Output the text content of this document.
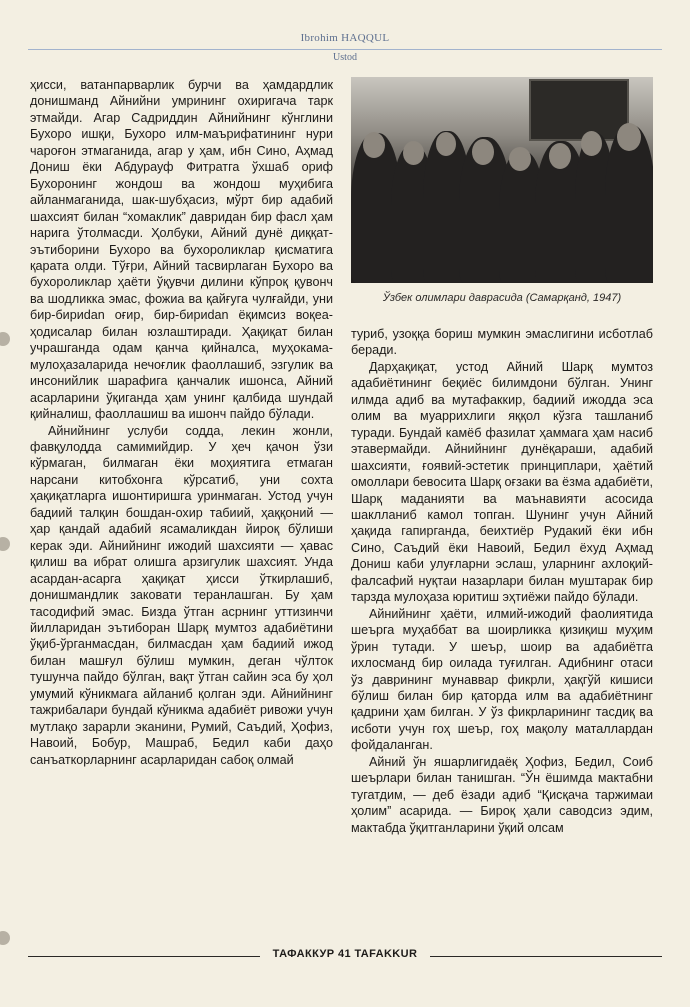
Ibrohim HAQQUL
Ustod

ҳисси, ватанпарварлик бурчи ва ҳамдардлик донишманд Айнийни умрининг охиригача тарк этмайди. Агар Садриддин Айнийнинг кўнглини Бухоро ишқи, Бухоро илм-маърифатининг нури чароғон этмаганида, агар у ҳам, ибн Сино, Аҳмад Дониш ёки Абдурауф Фитратга ўхшаб ориф Бухоронинг жондош ва жондош муҳибига айланмаганида, шак-шубҳасиз, мўрт бир адабий шахсият билан “хомаклик” давридан бир фасл ҳам нарига ўтолмасди. Ҳолбуки, Айний дунё диққат-эътиборини Бухоро ва бухороликлар қисматига қарата олди. Тўғри, Айний тасвирлаган Бухоро ва бухороликлар ҳаёти ўқувчи дилини кўпроқ қувонч ва шодликка эмас, фожиа ва қайғуга чулғайди, уни бир-бириdan оғир, бир-бириdan ёқимсиз воқеа-ҳодисалар билан юзлаштиради. Ҳақиқат билан учрашганда одам қанча қийналса, муҳокама-мулоҳазаларида нечоғлик фаоллашиб, эзгулик ва инсонийлик шарафига қанчалик ишонса, Айний асарларини ўқиганда ҳам унинг қалбида шундай қийналиш, фаоллашиш ва ишонч пайдо бўлади.

Айнийнинг услуби содда, лекин жонли, фавқулодда самимийдир. У ҳеч қачон ўзи кўрмаган, билмаган ёки моҳиятига етмаган нарсани китобхонга кўрсатиб, уни сохта ҳақиқатларга ишонтиришга уринмаган. Устод учун бадиий талқин бошдан-охир табиий, ҳаққоний — ҳар қандай адабий ясамаликдан йироқ бўлиши керак эди. Айнийнинг ижодий шахсияти — ҳавас қилиш ва ибрат олишга арзигулик шахсият. Унда асардан-асарга ҳақиқат ҳисси ўткирлашиб, донишмандлик заковати теранлашган. Бу ҳам тасодифий эмас. Бизда ўтган асрнинг уттизинчи йилларидан эътиборан Шарқ мумтоз адабиётини ўқиб-ўрганмасдан, билмасдан ҳам бадиий ижод билан машғул бўлиш мумкин, деган чўлток тушунча пайдо бўлган, вақт ўтган сайин эса бу ҳол умумий кўникмага айланиб қолган эди. Айнийнинг тажрибалари бундай кўникма адабиёт ривожи учун мутлақо зарарли эканини, Румий, Саъдий, Ҳофиз, Навоий, Бобур, Машраб, Бедил каби даҳо санъаткорларнинг асарларидан сабоқ олмай

Ўзбек олимлари даврасида (Самарқанд, 1947)

туриб, узоққа бориш мумкин эмаслигини исботлаб беради.

Дарҳақиқат, устод Айний Шарқ мумтоз адабиётининг беқиёс билимдони бўлган. Унинг илмда адиб ва мутафаккир, бадиий ижодда эса олим ва муаррихлиги яққол кўзга ташланиб туради. Бундай камёб фазилат ҳаммага ҳам насиб этавермайди. Айнийнинг дунёқараши, адабий шахсияти, ғоявий-эстетик принциплари, ҳаётий омоллари бевосита Шарқ оғзаки ва ёзма адабиёти, Шарқ маданияти ва маънавияти асосида шаклланиб камол топган. Шунинг учун Айний ҳақида гапирганда, беихтиёр Рудакий ёки ибн Сино, Саъдий ёки Навоий, Бедил ёхуд Аҳмад Дониш каби улуғларни эслаш, уларнинг ахлоқий-фалсафий нуқтаи назарлари билан муштарак бир тарзда мулоҳаза юритиш эҳтиёжи пайдо бўлади.

Айнийнинг ҳаёти, илмий-ижодий фаолиятида шеърга муҳаббат ва шоирликка қизиқиш муҳим ўрин тутади. У шеър, шоир ва адабиётга ихлосманд бир оилада туғилган. Адибнинг отаси ўз даврининг мунаввар фикрли, ҳақгўй кишиси бўлиш билан бир қаторда илм ва адабиётнинг қадрини ҳам билган. У ўз фикрларининг тасдиқ ва исботи учун гоҳ шеър, гоҳ мақолу маталлардан фойдаланган.

Айний ўн яшарлигидаёқ Ҳофиз, Бедил, Соиб шеърлари билан танишган. “Ўн ёшимда мактабни тугатдим, — деб ёзади адиб “Қисқача таржимаи ҳолим” асарида. — Бироқ ҳали саводсиз эдим, мактабда ўқитганларини ўқий олсам

ТАФАККУР 41 TAFAKKUR
